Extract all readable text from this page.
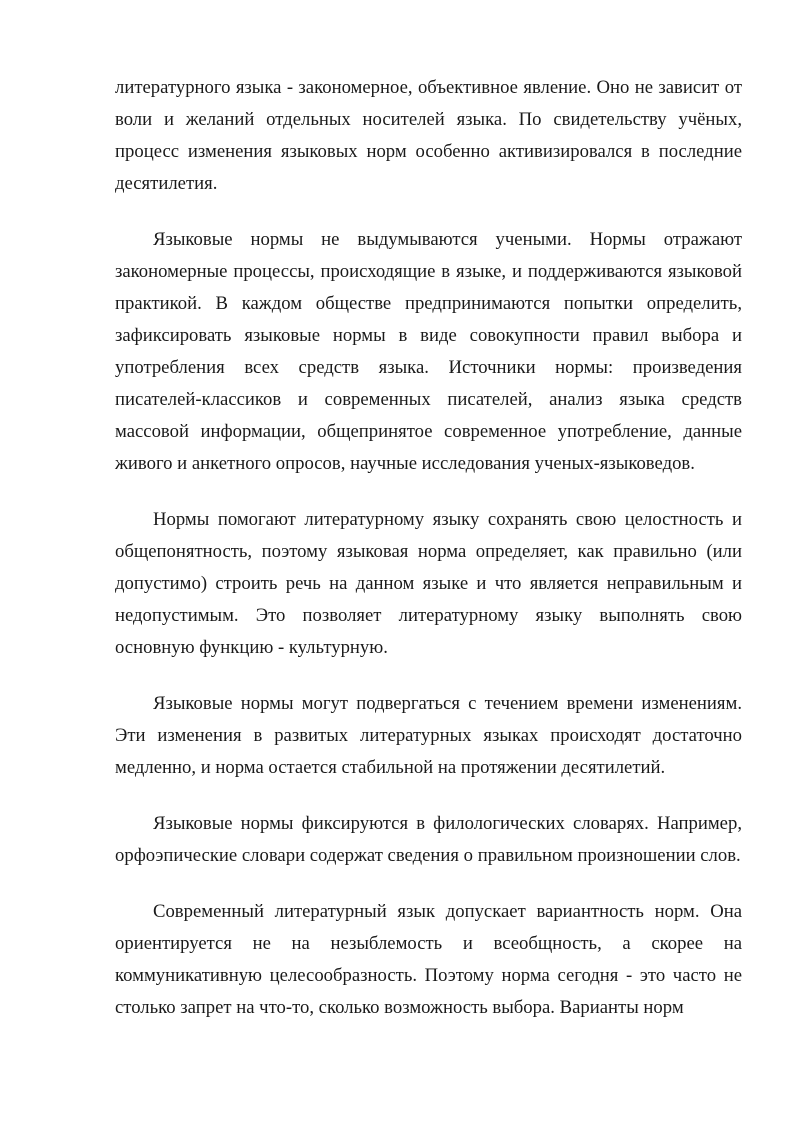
литературного языка - закономерное, объективное явление. Оно не зависит от воли и желаний отдельных носителей языка. По свидетельству учёных, процесс изменения языковых норм особенно активизировался в последние десятилетия.

Языковые нормы не выдумываются учеными. Нормы отражают закономерные процессы, происходящие в языке, и поддерживаются языковой практикой. В каждом обществе предпринимаются попытки определить, зафиксировать языковые нормы в виде совокупности правил выбора и употребления всех средств языка. Источники нормы: произведения писателей-классиков и современных писателей, анализ языка средств массовой информации, общепринятое современное употребление, данные живого и анкетного опросов, научные исследования ученых-языковедов.

Нормы помогают литературному языку сохранять свою целостность и общепонятность, поэтому языковая норма определяет, как правильно (или допустимо) строить речь на данном языке и что является неправильным и недопустимым. Это позволяет литературному языку выполнять свою основную функцию - культурную.

Языковые нормы могут подвергаться с течением времени изменениям. Эти изменения в развитых литературных языках происходят достаточно медленно, и норма остается стабильной на протяжении десятилетий.

Языковые нормы фиксируются в филологических словарях. Например, орфоэпические словари содержат сведения о правильном произношении слов.

Современный литературный язык допускает вариантность норм. Она ориентируется не на незыблемость и всеобщность, а скорее на коммуникативную целесообразность. Поэтому норма сегодня - это часто не столько запрет на что-то, сколько возможность выбора. Варианты норм
